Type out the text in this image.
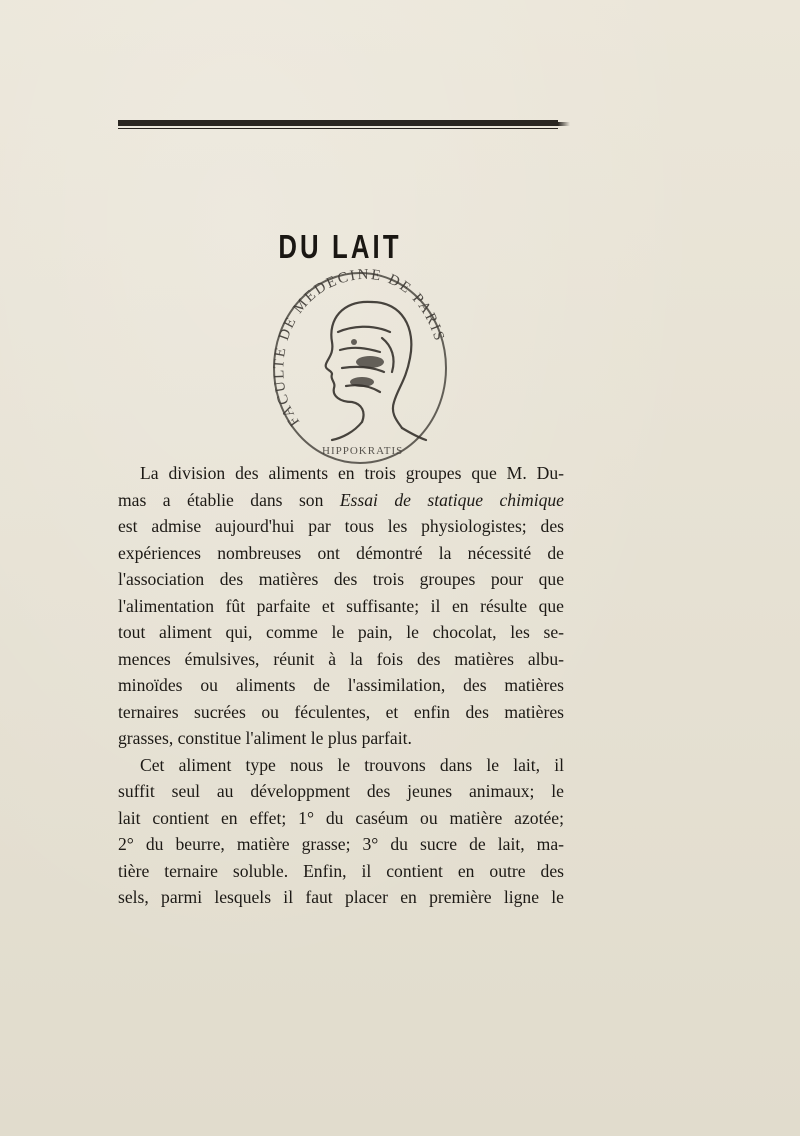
DU LAIT
FACULTE DE MEDECINE DE PARIS
HIPPOKRATIS
La division des aliments en trois groupes que M. Du-
mas a établie dans son Essai de statique chimique
est admise aujourd'hui par tous les physiologistes; des
expériences nombreuses ont démontré la nécessité de
l'association des matières des trois groupes pour que
l'alimentation fût parfaite et suffisante; il en résulte que
tout aliment qui, comme le pain, le chocolat, les se-
mences émulsives, réunit à la fois des matières albu-
minoïdes ou aliments de l'assimilation, des matières
ternaires sucrées ou féculentes, et enfin des matières
grasses, constitue l'aliment le plus parfait.
Cet aliment type nous le trouvons dans le lait, il
suffit seul au développment des jeunes animaux; le
lait contient en effet; 1° du caséum ou matière azotée;
2° du beurre, matière grasse; 3° du sucre de lait, ma-
tière ternaire soluble. Enfin, il contient en outre des
sels, parmi lesquels il faut placer en première ligne le
